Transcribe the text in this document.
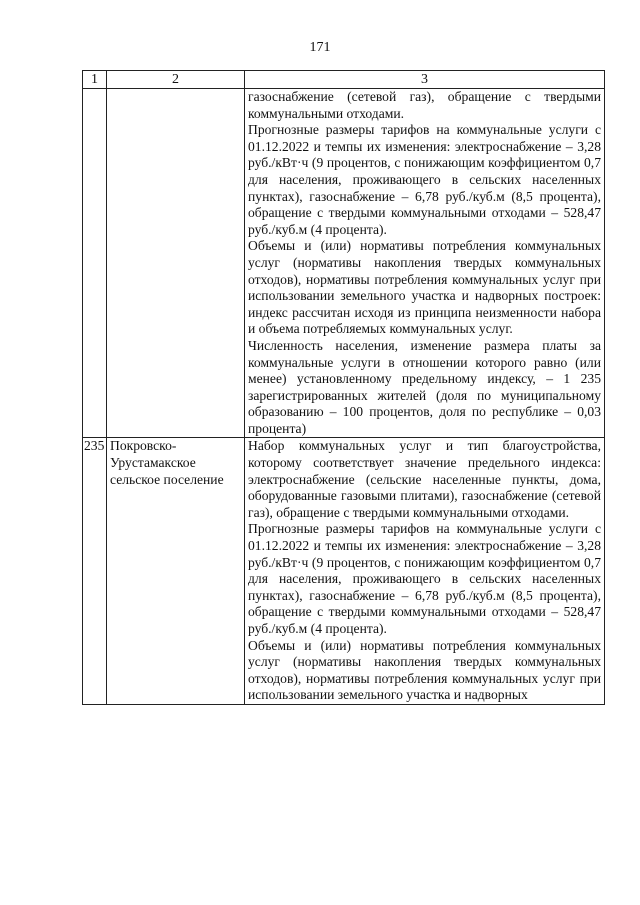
171
1	2	3

		газоснабжение (сетевой газ), обращение с твердыми коммунальными отходами.

Прогнозные размеры тарифов на коммунальные услуги с 01.12.2022 и темпы их изменения: электроснабжение – 3,28 руб./кВт·ч (9 процентов, с понижающим коэффициентом 0,7 для населения, проживающего в сельских населенных пунктах), газоснабжение – 6,78 руб./куб.м (8,5 процента), обращение с твердыми коммунальными отходами – 528,47 руб./куб.м (4 процента).

Объемы и (или) нормативы потребления коммунальных услуг (нормативы накопления твердых коммунальных отходов), нормативы потребления коммунальных услуг при использовании земельного участка и надворных построек: индекс рассчитан исходя из принципа неизменности набора и объема потребляемых коммунальных услуг.

Численность населения, изменение размера платы за коммунальные услуги в отношении которого равно (или менее) установленному предельному индексу, – 1 235 зарегистрированных жителей (доля по муниципальному образованию – 100 процентов, доля по республике – 0,03 процента)

235	Покровско-Урустамакское сельское поселение	Набор коммунальных услуг и тип благоустройства, которому соответствует значение предельного индекса: электроснабжение (сельские населенные пункты, дома, оборудованные газовыми плитами), газоснабжение (сетевой газ), обращение с твердыми коммунальными отходами.

Прогнозные размеры тарифов на коммунальные услуги с 01.12.2022 и темпы их изменения: электроснабжение – 3,28 руб./кВт·ч (9 процентов, с понижающим коэффициентом 0,7 для населения, проживающего в сельских населенных пунктах), газоснабжение – 6,78 руб./куб.м (8,5 процента), обращение с твердыми коммунальными отходами – 528,47 руб./куб.м (4 процента).

Объемы и (или) нормативы потребления коммунальных услуг (нормативы накопления твердых коммунальных отходов), нормативы потребления коммунальных услуг при использовании земельного участка и надворных
